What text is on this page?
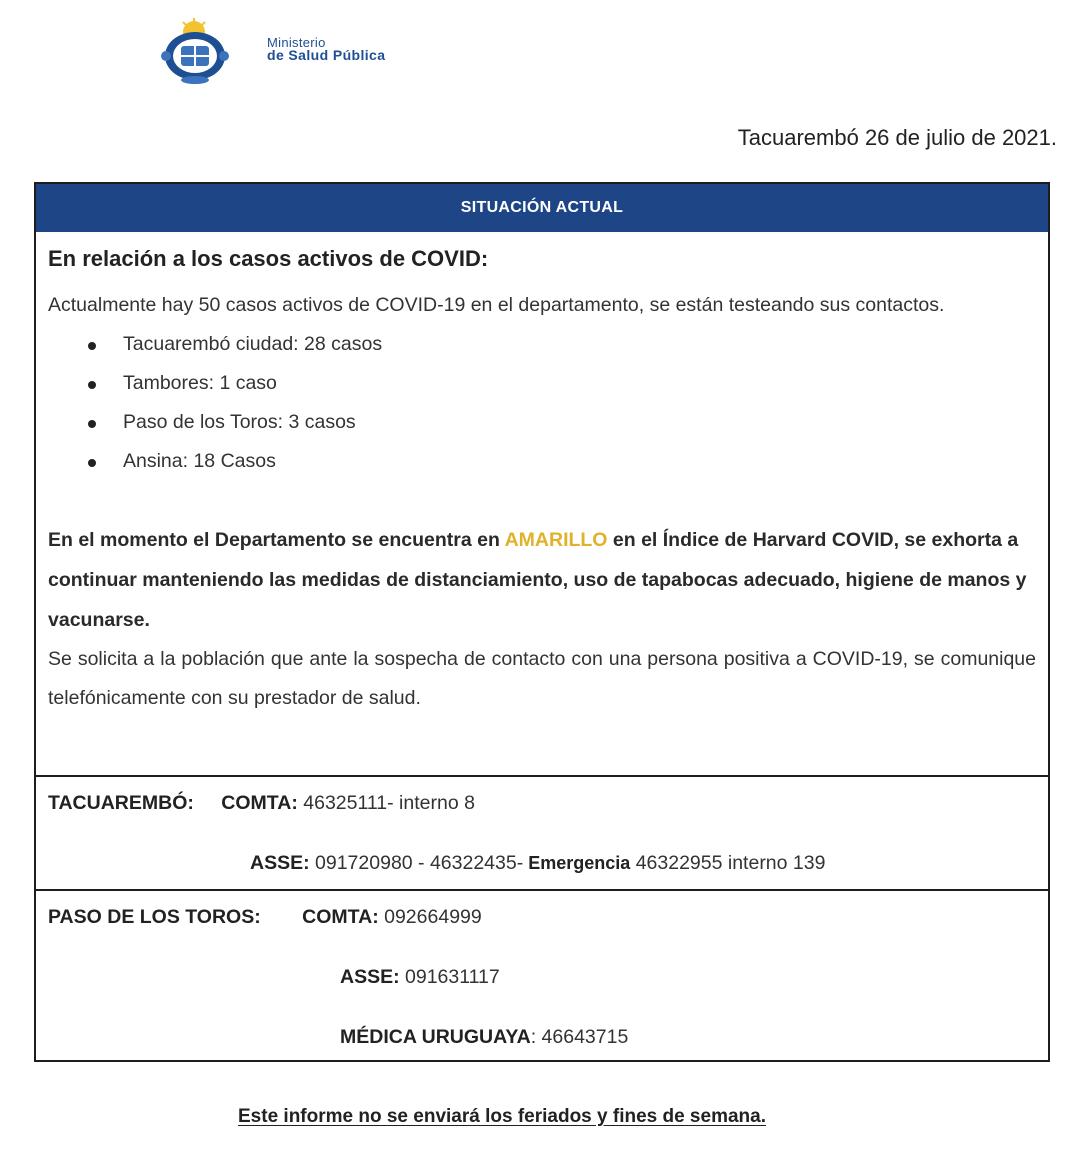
Ministerio
de Salud Pública
Tacuarembó 26 de julio de 2021.
SITUACIÓN ACTUAL
En relación a los casos activos de COVID:

Actualmente hay 50 casos activos de COVID-19 en el departamento, se están testeando sus contactos.

Tacuarembó ciudad: 28 casos
Tambores: 1 caso
Paso de los Toros: 3 casos
Ansina: 18 Casos

En el momento el Departamento se encuentra en AMARILLO en el Índice de Harvard COVID, se exhorta a continuar manteniendo las medidas de distanciamiento, uso de tapabocas adecuado, higiene de manos y vacunarse.

Se solicita a la población que ante la sospecha de contacto con una persona positiva a COVID-19, se comunique telefónicamente con su prestador de salud.

TACUAREMBÓ: COMTA: 46325111- interno 8
ASSE: 091720980 - 46322435- Emergencia 46322955 interno 139
PASO DE LOS TOROS: COMTA: 092664999
ASSE: 091631117
MÉDICA URUGUAYA: 46643715
Este informe no se enviará los feriados y fines de semana.
